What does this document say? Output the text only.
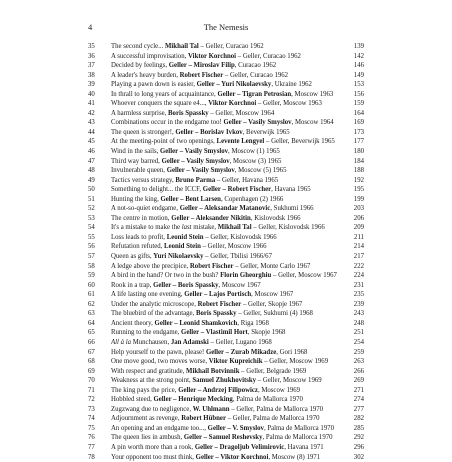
4	The Nemesis
35	The second cycle... Mikhail Tal – Geller, Curacao 1962	139
36	A successful improvisation, Viktor Korchnoi – Geller, Curacao 1962	142
37	Decided by feelings, Geller – Miroslav Filip, Curacao 1962	146
38	A leader's heavy burden, Robert Fischer – Geller, Curacao 1962	149
39	Playing a pawn down is easier, Geller – Yuri Nikolaevsky, Ukraine 1962	153
40	In thrall to long years of acquaintance, Geller – Tigran Petrosian, Moscow 1963	156
41	Whoever conquers the square e4..., Viktor Korchnoi – Geller, Moscow 1963	159
42	A harmless surprise, Boris Spassky – Geller, Moscow 1964	164
43	Combinations occur in the endgame too! Geller – Vasily Smyslov, Moscow 1964	169
44	The queen is stronger!, Geller – Borislav Ivkov, Beverwijk 1965	173
45	At the meeting-point of two openings, Levente Lengyel – Geller, Beverwijk 1965	177
46	Wind in the sails, Geller – Vasily Smyslov, Moscow (1) 1965	180
47	Third way barred, Geller – Vasily Smyslov, Moscow (3) 1965	184
48	Invulnerable queen, Geller – Vasily Smyslov, Moscow (5) 1965	188
49	Tactics versus strategy, Bruno Parma – Geller, Havana 1965	192
50	Something to delight... the ICCF, Geller – Robert Fischer, Havana 1965	195
51	Hunting the king, Geller – Bent Larsen, Copenhagen (2) 1966	199
52	A not-so-quiet endgame, Geller – Aleksandar Matanovic, Sukhumi 1966	203
53	The centre in motion, Geller – Aleksander Nikitin, Kislovodsk 1966	206
54	It's a mistake to make the last mistake, Mikhail Tal – Geller, Kislovodsk 1966	209
55	Loss leads to profit, Leonid Stein – Geller, Kislovodsk 1966	211
56	Refutation refuted, Leonid Stein – Geller, Moscow 1966	214
57	Queen as gifts, Yuri Nikolaevsky – Geller, Tbilisi 1966/67	217
58	A ledge above the precipice, Robert Fischer – Geller, Monte Carlo 1967	222
59	A bird in the hand? Or two in the bush? Florin Gheorghiu – Geller, Moscow 1967	224
60	Rook in a trap, Geller – Boris Spassky, Moscow 1967	231
61	A life lasting one evening, Geller – Lajos Portisch, Moscow 1967	235
62	Under the analytic microscope, Robert Fischer – Geller, Skopje 1967	239
63	The bluebird of the advantage, Boris Spassky – Geller, Sukhumi (4) 1968	243
64	Ancient theory, Geller – Leonid Shamkovich, Riga 1968	248
65	Running to the endgame, Geller – Vlastimil Hort, Skopje 1968	251
66	All à la Munchausen, Jan Adamski – Geller, Lugano 1968	254
67	Help yourself to the pawn, please! Geller – Zurab Mikadze, Gori 1968	259
68	One move good, two moves worse, Viktor Kupreichik – Geller, Moscow 1969	263
69	With respect and gratitude, Mikhail Botvinnik – Geller, Belgrade 1969	266
70	Weakness at the strong point, Samuel Zhukhovitsky – Geller, Moscow 1969	269
71	The king pays the price, Geller – Andrzej Filipowicz, Moscow 1969	271
72	Hobbled steed, Geller – Henrique Mecking, Palma de Mallorca 1970	274
73	Zugzwang due to negligence, W. Uhlmann – Geller, Palma de Mallorca 1970	277
74	Adjournment as revenge, Robert Hübner – Geller, Palma de Mallorca 1970	282
75	An opening and an endgame too..., Geller – V. Smyslov, Palma de Mallorca 1970	285
76	The queen lies in ambush, Geller – Samuel Reshevsky, Palma de Mallorca 1970	292
77	A pin worth more than a rook, Geller – Dragoljub Velimirovic, Havana 1971	296
78	Your opponent too must think, Geller – Viktor Korchnoi, Moscow (8) 1971	302
